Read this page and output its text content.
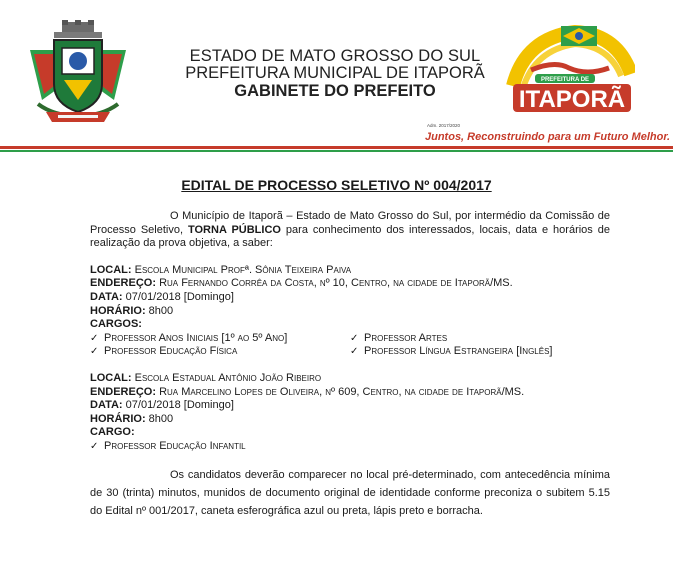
ESTADO DE MATO GROSSO DO SUL
PREFEITURA MUNICIPAL DE ITAPORÃ
GABINETE DO PREFEITO
PREFEITURA DE
ITAPORÃ
Adm. 2017/2020
Juntos, Reconstruindo para um Futuro Melhor.
EDITAL DE PROCESSO SELETIVO Nº 004/2017

O Município de Itaporã – Estado de Mato Grosso do Sul, por intermédio da Comissão de Processo Seletivo, TORNA PÚBLICO para conhecimento dos interessados, locais, data e horários de realização da prova objetiva, a saber:

LOCAL: Escola Municipal Profª. Sônia Teixeira Paiva
ENDEREÇO: Rua Fernando Corrêa da Costa, nº 10, Centro, na cidade de Itaporã/MS.
DATA: 07/01/2018 [Domingo]
HORÁRIO: 8h00
CARGOS:
✓ Professor Anos Iniciais [1º ao 5º Ano]
✓ Professor Educação Física
✓ Professor Artes
✓ Professor Língua Estrangeira [Inglês]
LOCAL: Escola Estadual Antônio João Ribeiro
ENDEREÇO: Rua Marcelino Lopes de Oliveira, nº 609, Centro, na cidade de Itaporã/MS.
DATA: 07/01/2018 [Domingo]
HORÁRIO: 8h00
CARGO:
✓ Professor Educação Infantil

Os candidatos deverão comparecer no local pré-determinado, com antecedência mínima de 30 (trinta) minutos, munidos de documento original de identidade conforme preconiza o subitem 5.15 do Edital nº 001/2017, caneta esferográfica azul ou preta, lápis preto e borracha.
